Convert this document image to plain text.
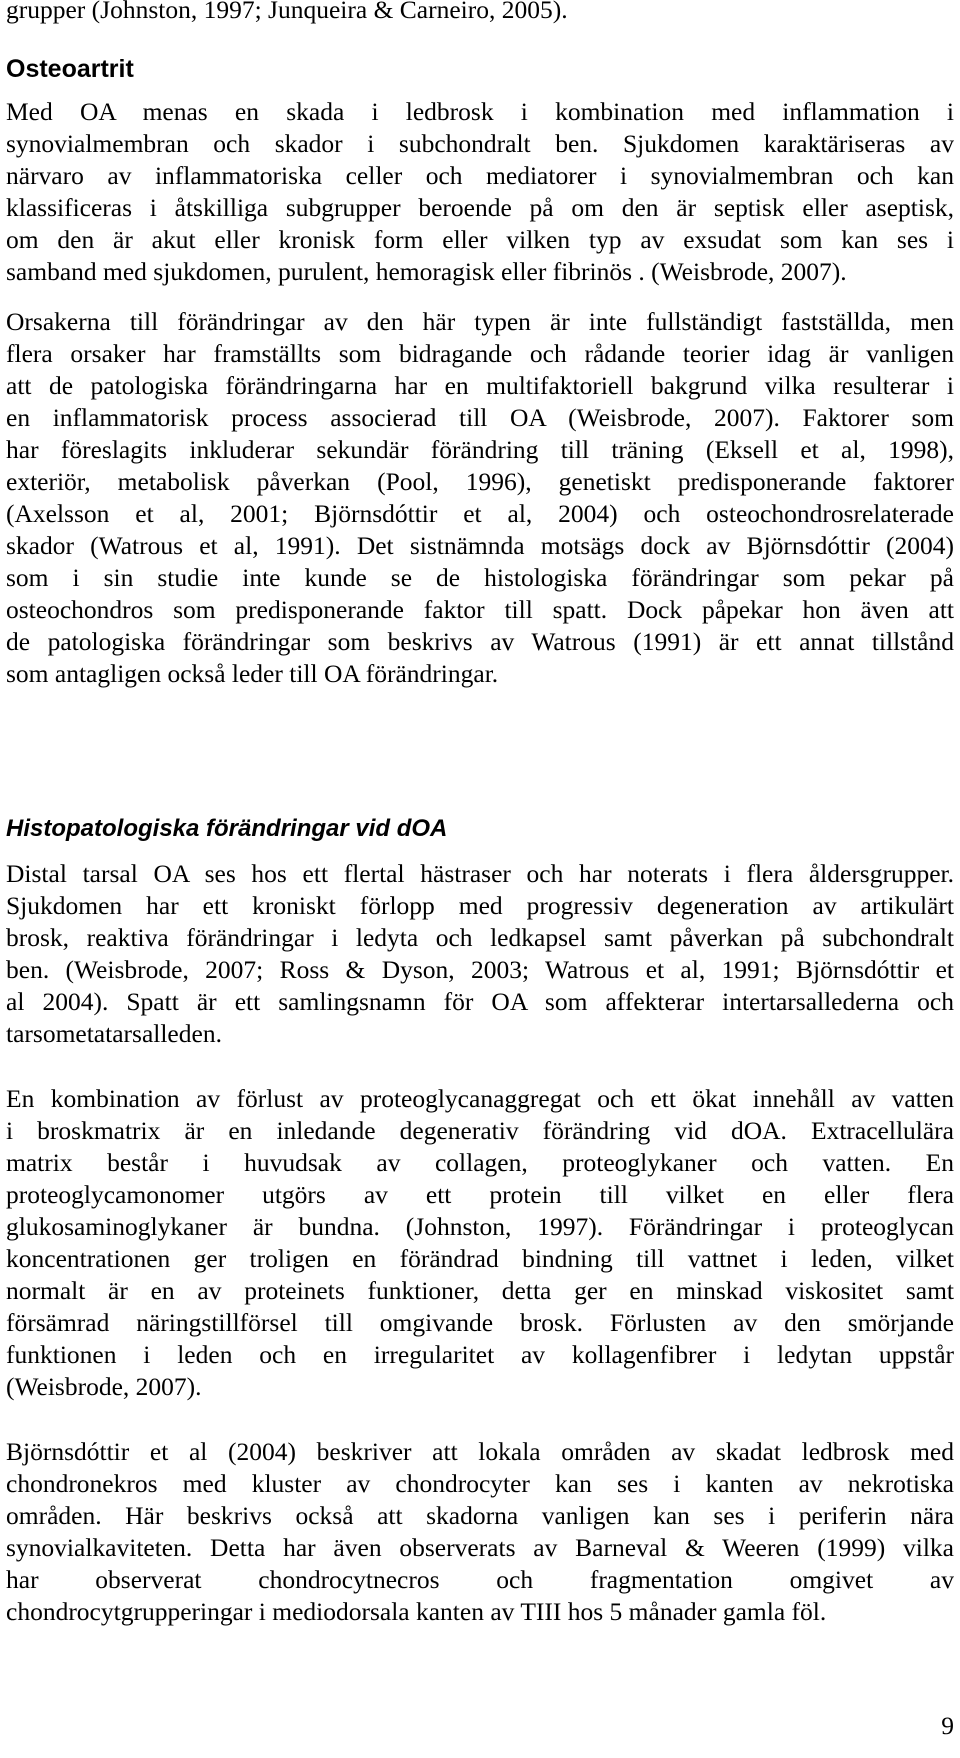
grupper (Johnston, 1997; Junqueira & Carneiro, 2005).
Osteoartrit
Med OA menas en skada i ledbrosk i kombination med inflammation i
synovialmembran och skador i subchondralt ben. Sjukdomen karaktäriseras av
närvaro av inflammatoriska celler och mediatorer i synovialmembran och kan
klassificeras i åtskilliga subgrupper beroende på om den är septisk eller aseptisk,
om den är akut eller kronisk form eller vilken typ av exsudat som kan ses i
samband med sjukdomen, purulent, hemoragisk eller fibrinös . (Weisbrode, 2007).
Orsakerna till förändringar av den här typen är inte fullständigt fastställda, men
flera orsaker har framställts som bidragande och rådande teorier idag är vanligen
att de patologiska förändringarna har en multifaktoriell bakgrund vilka resulterar i
en inflammatorisk process associerad till OA (Weisbrode, 2007). Faktorer som
har föreslagits inkluderar sekundär förändring till träning (Eksell et al, 1998),
exteriör, metabolisk påverkan (Pool, 1996), genetiskt predisponerande faktorer
(Axelsson et al, 2001; Björnsdóttir et al, 2004) och osteochondrosrelaterade
skador (Watrous et al, 1991). Det sistnämnda motsägs dock av Björnsdóttir (2004)
som i sin studie inte kunde se de histologiska förändringar som pekar på
osteochondros som predisponerande faktor till spatt. Dock påpekar hon även att
de patologiska förändringar som beskrivs av Watrous (1991) är ett annat tillstånd
som antagligen också leder till OA förändringar.
Histopatologiska förändringar vid dOA
Distal tarsal OA ses hos ett flertal hästraser och har noterats i flera åldersgrupper.
Sjukdomen har ett kroniskt förlopp med progressiv degeneration av artikulärt
brosk, reaktiva förändringar i ledyta och ledkapsel samt påverkan på subchondralt
ben. (Weisbrode, 2007; Ross & Dyson, 2003; Watrous et al, 1991; Björnsdóttir et
al 2004). Spatt är ett samlingsnamn för OA som affekterar intertarsallederna och
tarsometatarsalleden.
En kombination av förlust av proteoglycanaggregat och ett ökat innehåll av vatten
i broskmatrix är en inledande degenerativ förändring vid dOA. Extracellulära
matrix består i huvudsak av collagen, proteoglykaner och vatten. En
proteoglycamonomer utgörs av ett protein till vilket en eller flera
glukosaminoglykaner är bundna. (Johnston, 1997). Förändringar i proteoglycan
koncentrationen ger troligen en förändrad bindning till vattnet i leden, vilket
normalt är en av proteinets funktioner, detta ger en minskad viskositet samt
försämrad näringstillförsel till omgivande brosk. Förlusten av den smörjande
funktionen i leden och en irregularitet av kollagenfibrer i ledytan uppstår
(Weisbrode, 2007).
Björnsdóttir et al (2004) beskriver att lokala områden av skadat ledbrosk med
chondronekros med kluster av chondrocyter kan ses i kanten av nekrotiska
områden. Här beskrivs också att skadorna vanligen kan ses i periferin nära
synovialkaviteten. Detta har även observerats av Barneval & Weeren (1999) vilka
har observerat chondrocytnecros och fragmentation omgivet av
chondrocytgrupperingar i mediodorsala kanten av TIII hos 5 månader gamla föl.
9
